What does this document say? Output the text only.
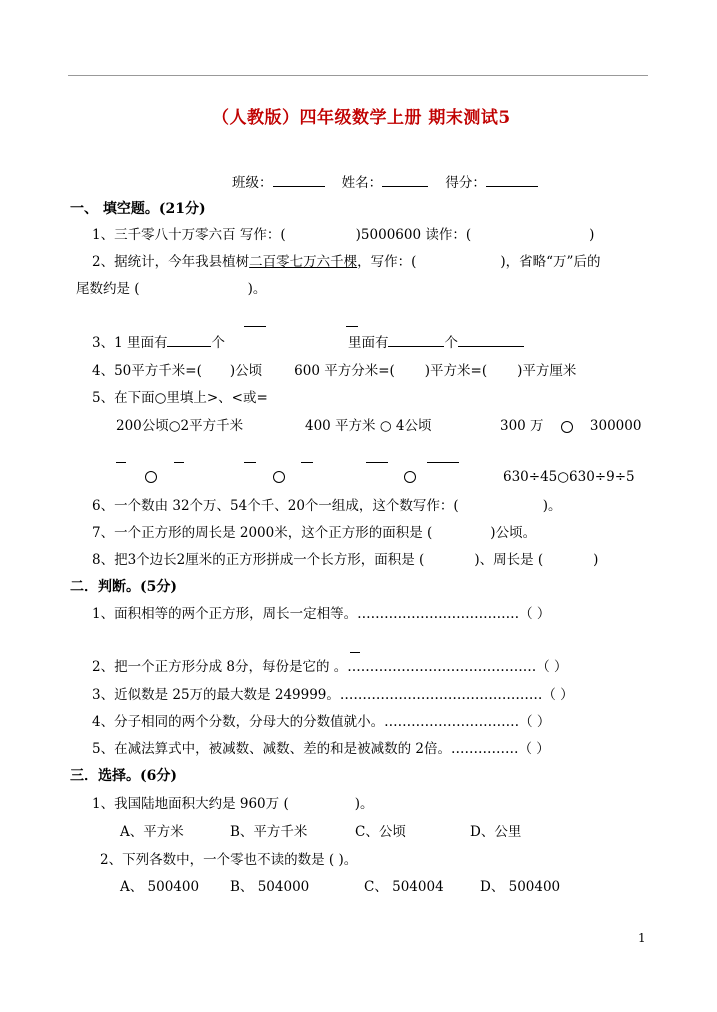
（人教版）四年级数学上册 期末测试5
班级：	姓名：	得分：
一、 填空题。(21分)
1、三千零八十万零六百 写作：(	)5000600 读作：(	)
2、据统计，今年我县植树二百零七万六千棵，写作：(	)，省略“万”后的
尾数约是 (	)。
3、1 里面有	个	里面有	个
4、50平方千米=( )公顷 600 平方分米=( )平方米=( )平方厘米
5、在下面○里填上>、<或=
200公顷○2平方千米	400 平方米 ○ 4公顷	300 万	300000
630÷45○630÷9÷5
6、一个数由 32个万、54个千、20个一组成，这个数写作：(	)。
7、一个正方形的周长是 2000米，这个正方形的面积是 (	)公顷。
8、把3个边长2厘米的正方形拼成一个长方形，面积是 (	)、周长是 (	)
二．判断。(5分)
1、面积相等的两个正方形，周长一定相等。………………………………（ ）
2、把一个正方形分成 8分，每份是它的 。……………………………………（ ）
3、近似数是 25万的最大数是 249999。………………………………………（ ）
4、分子相同的两个分数，分母大的分数值就小。…………………………（ ）
5、在减法算式中，被减数、减数、差的和是被减数的 2倍。……………（ ）
三．选择。(6分)
1、我国陆地面积大约是 960万 (	)。
A、平方米	B、平方千米	C、公顷	D、公里
2、下列各数中，一个零也不读的数是 ( )。
A、 500400 B、 504000	C、 504004	D、 500400
1
